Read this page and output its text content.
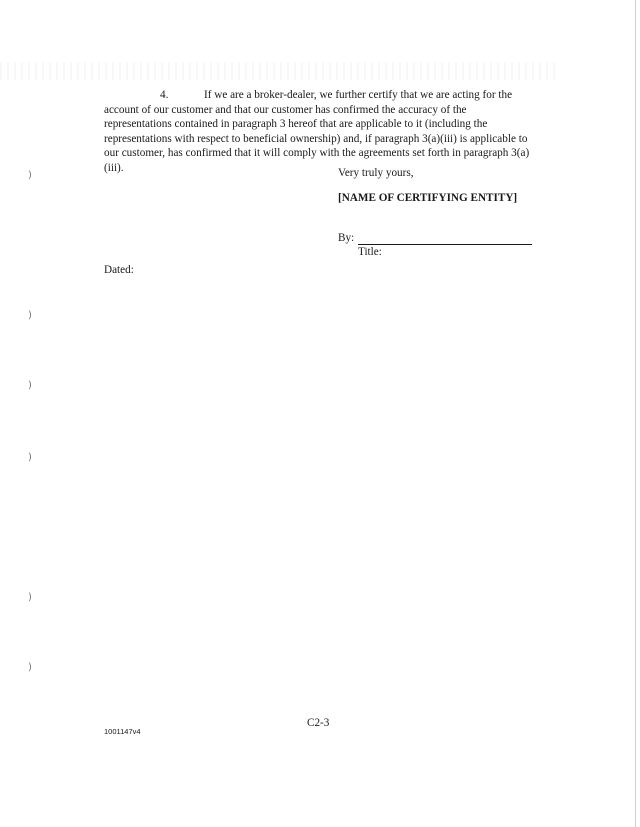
)
)
)
)
)
)

4.	If we are a broker-dealer, we further certify that we are acting for the account of our customer and that our customer has confirmed the accuracy of the representations contained in paragraph 3 hereof that are applicable to it (including the representations with respect to beneficial ownership) and, if paragraph 3(a)(iii) is applicable to our customer, has confirmed that it will comply with the agreements set forth in paragraph 3(a)(iii).	Very truly yours,
[NAME OF CERTIFYING ENTITY]
By:
Title:
Dated:
C2-3
1001147v4
